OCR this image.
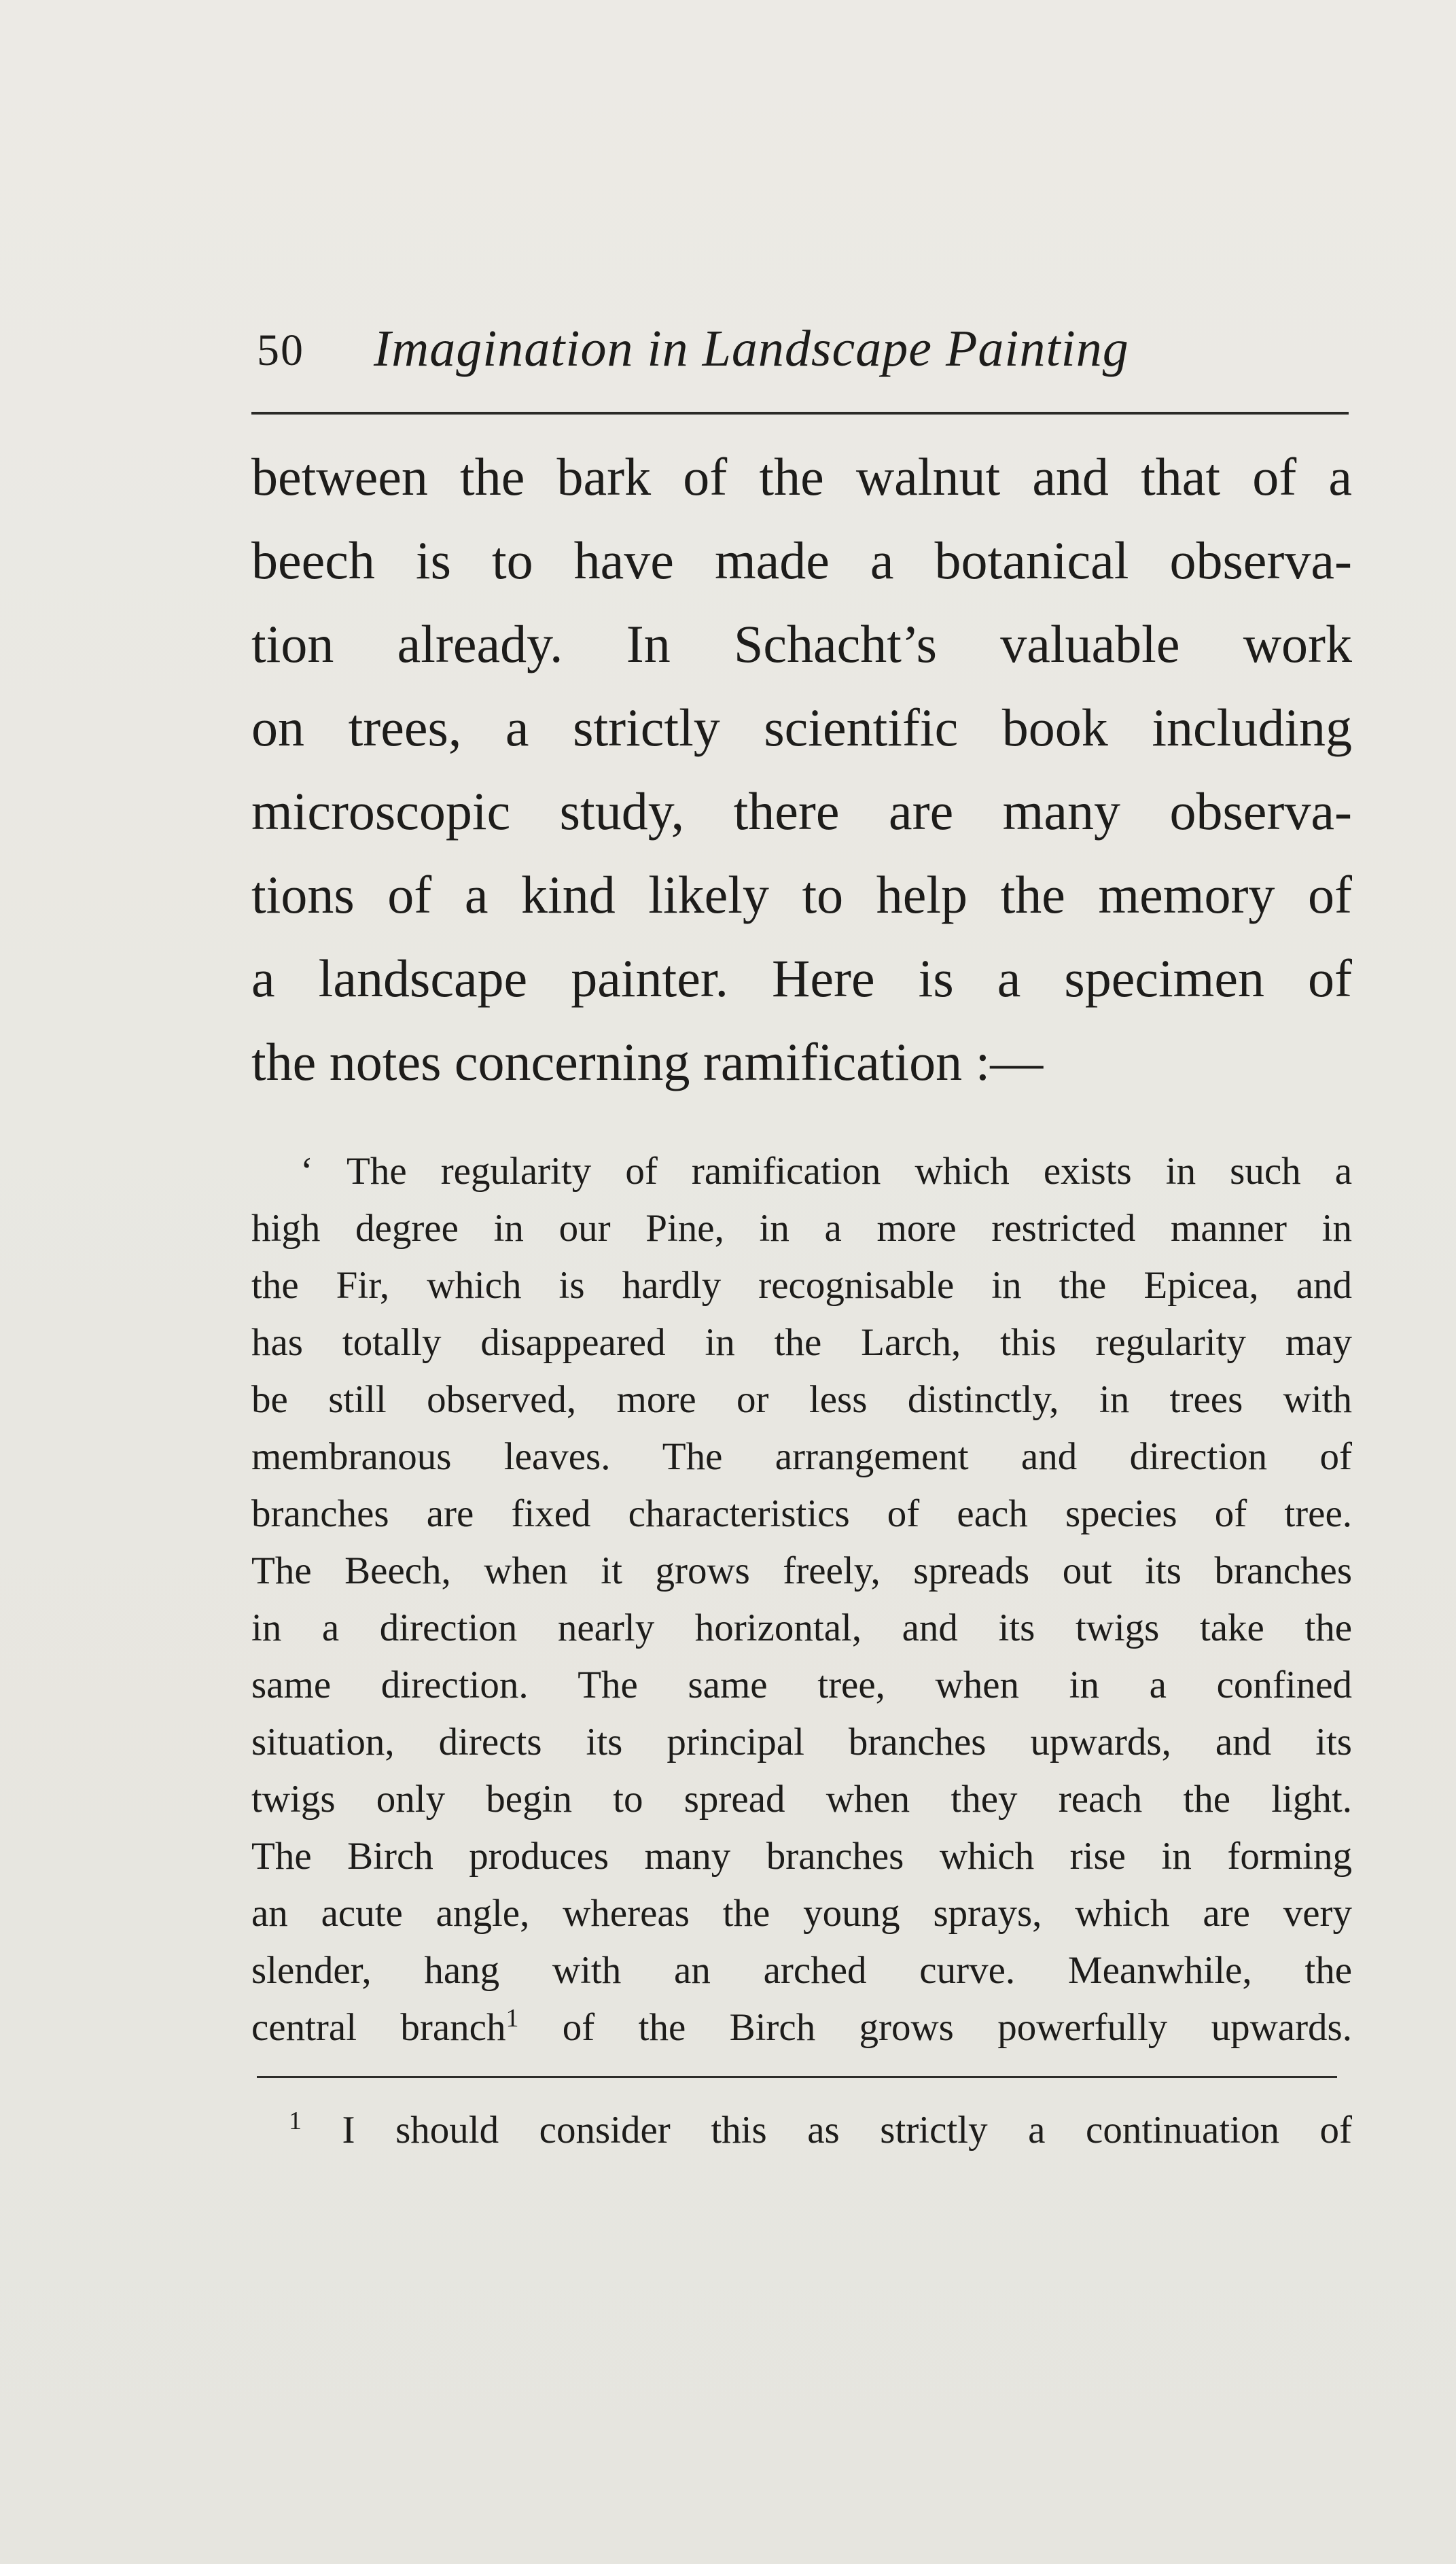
50 Imagination in Landscape Painting
between the bark of the walnut and that of a
beech is to have made a botanical observa-
tion already. In Schacht’s valuable work
on trees, a strictly scientific book including
microscopic study, there are many observa-
tions of a kind likely to help the memory of
a landscape painter. Here is a specimen of
the notes concerning ramification :—
‘ The regularity of ramification which exists in such a
high degree in our Pine, in a more restricted manner in
the Fir, which is hardly recognisable in the Epicea, and
has totally disappeared in the Larch, this regularity may
be still observed, more or less distinctly, in trees with
membranous leaves. The arrangement and direction of
branches are fixed characteristics of each species of tree.
The Beech, when it grows freely, spreads out its branches
in a direction nearly horizontal, and its twigs take the
same direction. The same tree, when in a confined
situation, directs its principal branches upwards, and its
twigs only begin to spread when they reach the light.
The Birch produces many branches which rise in forming
an acute angle, whereas the young sprays, which are very
slender, hang with an arched curve. Meanwhile, the
central branch$^1$ of the Birch grows powerfully upwards.
$^1$ I should consider this as strictly a continuation of
